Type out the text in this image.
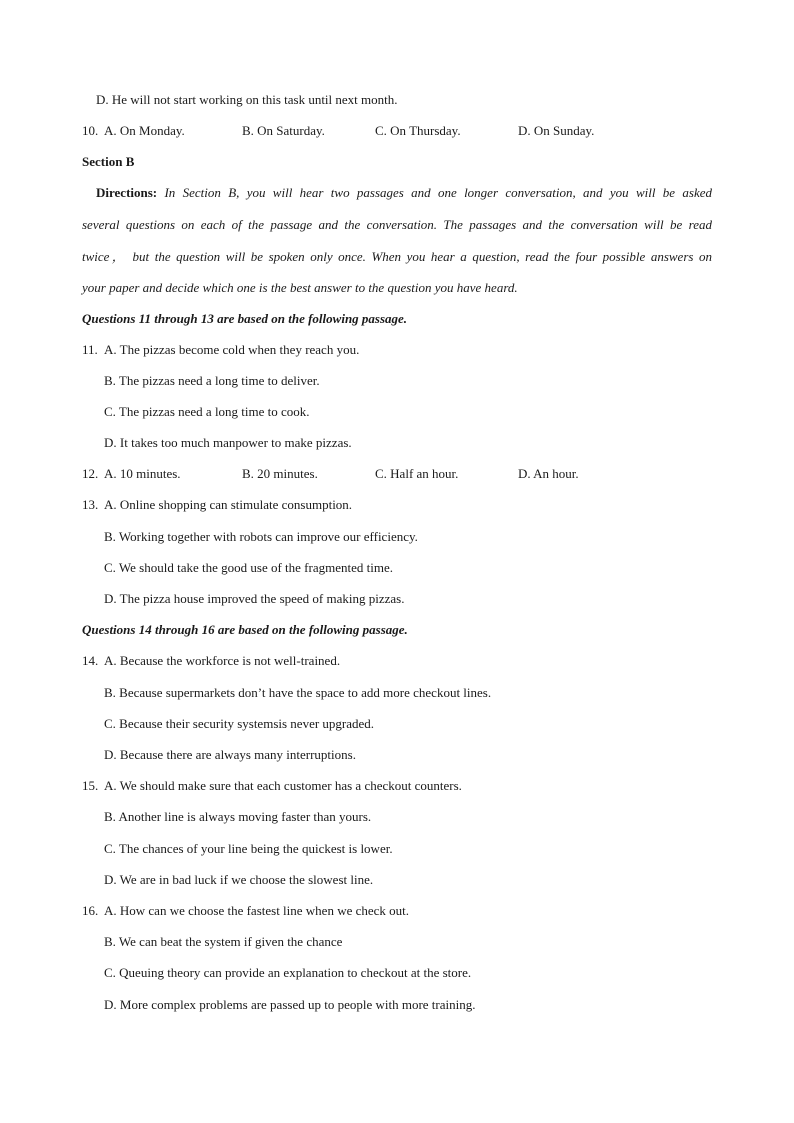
D. He will not start working on this task until next month.
10. A. On Monday.	B. On Saturday.	C. On Thursday.	D. On Sunday.
Section B
Directions: In Section B, you will hear two passages and one longer conversation, and you will be asked
several questions on each of the passage and the conversation. The passages and the conversation will be read
twice， but the question will be spoken only once. When you hear a question, read the four possible answers on
your paper and decide which one is the best answer to the question you have heard.
Questions 11 through 13 are based on the following passage.
11. A. The pizzas become cold when they reach you.
B. The pizzas need a long time to deliver.
C. The pizzas need a long time to cook.
D. It takes too much manpower to make pizzas.
12. A. 10 minutes.	B. 20 minutes.	C. Half an hour.	D. An hour.
13. A. Online shopping can stimulate consumption.
B. Working together with robots can improve our efficiency.
C. We should take the good use of the fragmented time.
D. The pizza house improved the speed of making pizzas.
Questions 14 through 16 are based on the following passage.
14. A. Because the workforce is not well-trained.
B. Because supermarkets don’t have the space to add more checkout lines.
C. Because their security systemsis never upgraded.
D. Because there are always many interruptions.
15. A. We should make sure that each customer has a checkout counters.
B. Another line is always moving faster than yours.
C. The chances of your line being the quickest is lower.
D. We are in bad luck if we choose the slowest line.
16. A. How can we choose the fastest line when we check out.
B. We can beat the system if given the chance
C. Queuing theory can provide an explanation to checkout at the store.
D. More complex problems are passed up to people with more training.
